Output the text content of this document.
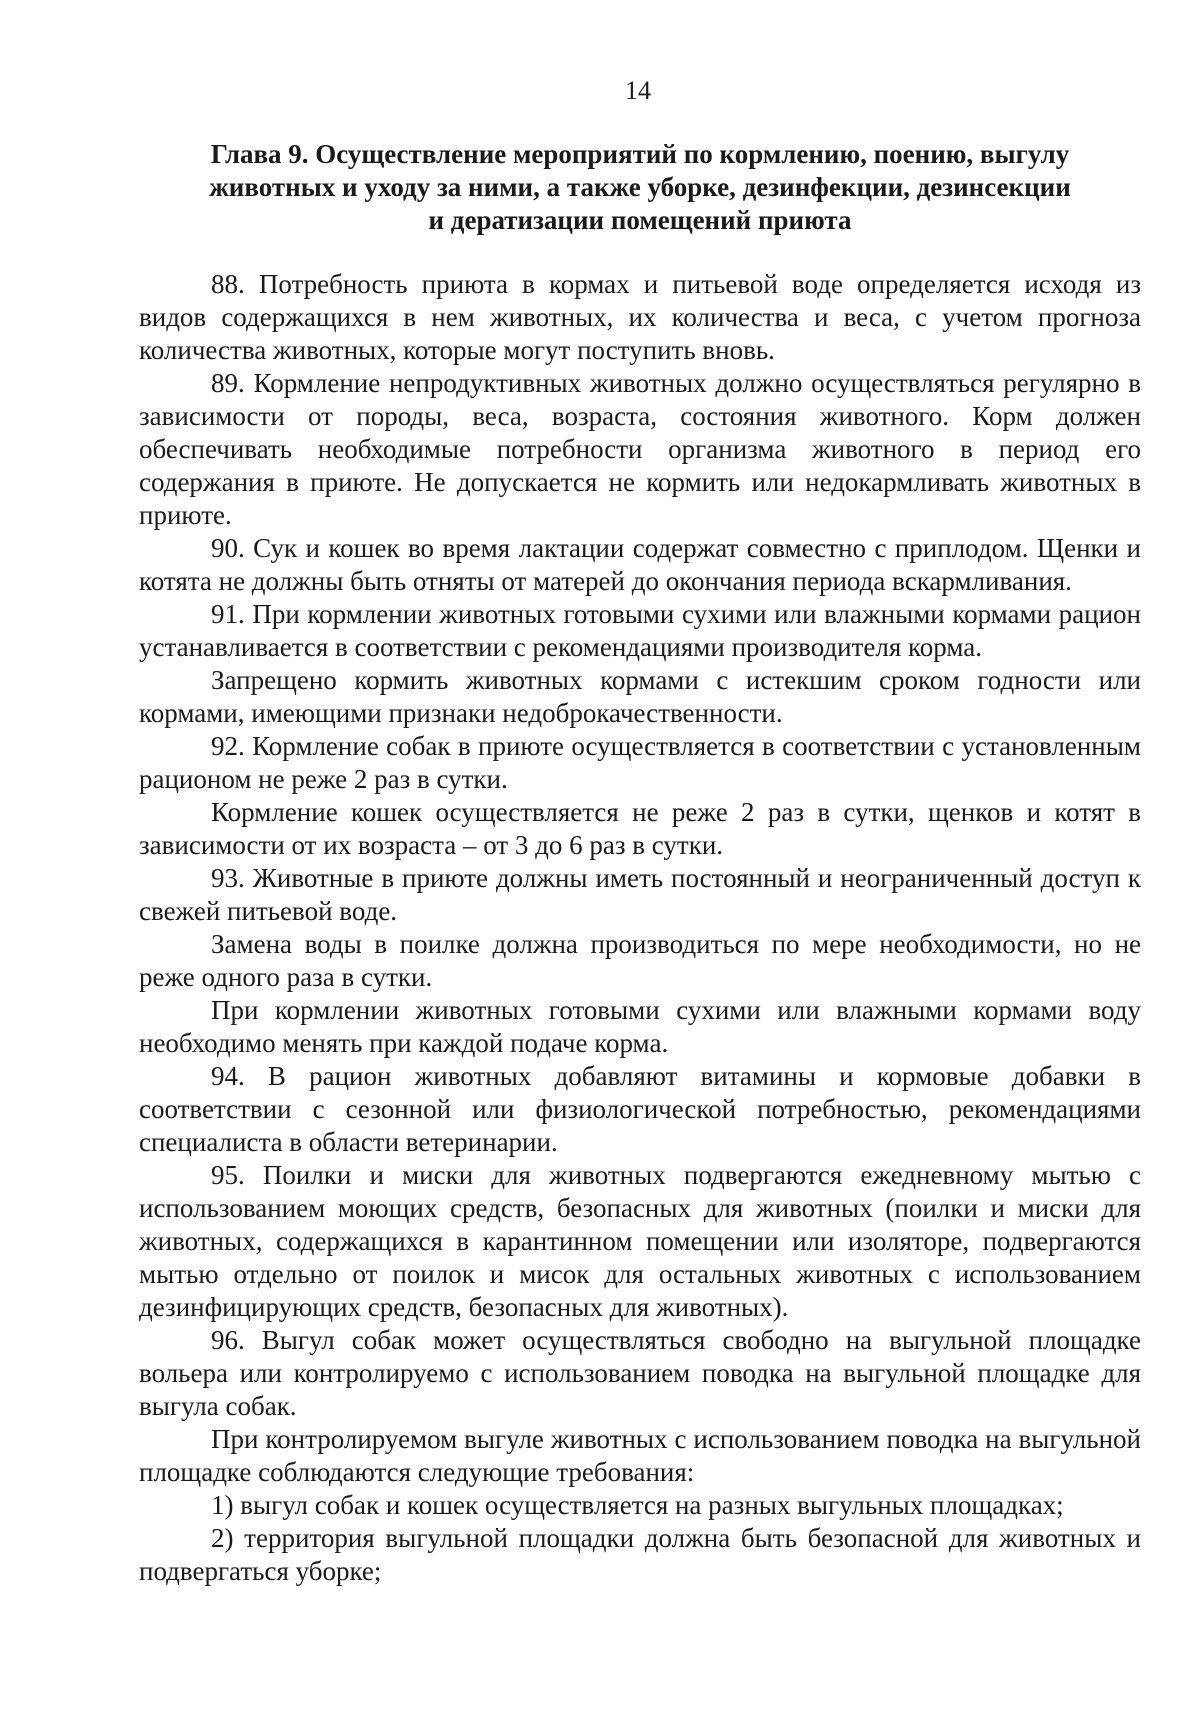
14
Глава 9. Осуществление мероприятий по кормлению, поению, выгулу
животных и уходу за ними, а также уборке, дезинфекции, дезинсекции
и дератизации помещений приюта

88. Потребность приюта в кормах и питьевой воде определяется исходя из видов содержащихся в нем животных, их количества и веса, с учетом прогноза количества животных, которые могут поступить вновь.

89. Кормление непродуктивных животных должно осуществляться регулярно в зависимости от породы, веса, возраста, состояния животного. Корм должен обеспечивать необходимые потребности организма животного в период его содержания в приюте. Не допускается не кормить или недокармливать животных в приюте.

90. Сук и кошек во время лактации содержат совместно с приплодом. Щенки и котята не должны быть отняты от матерей до окончания периода вскармливания.

91. При кормлении животных готовыми сухими или влажными кормами рацион устанавливается в соответствии с рекомендациями производителя корма.

Запрещено кормить животных кормами с истекшим сроком годности или кормами, имеющими признаки недоброкачественности.

92. Кормление собак в приюте осуществляется в соответствии с установленным рационом не реже 2 раз в сутки.

Кормление кошек осуществляется не реже 2 раз в сутки, щенков и котят в зависимости от их возраста – от 3 до 6 раз в сутки.

93. Животные в приюте должны иметь постоянный и неограниченный доступ к свежей питьевой воде.

Замена воды в поилке должна производиться по мере необходимости, но не реже одного раза в сутки.

При кормлении животных готовыми сухими или влажными кормами воду необходимо менять при каждой подаче корма.

94. В рацион животных добавляют витамины и кормовые добавки в соответствии с сезонной или физиологической потребностью, рекомендациями специалиста в области ветеринарии.

95. Поилки и миски для животных подвергаются ежедневному мытью с использованием моющих средств, безопасных для животных (поилки и миски для животных, содержащихся в карантинном помещении или изоляторе, подвергаются мытью отдельно от поилок и мисок для остальных животных с использованием дезинфицирующих средств, безопасных для животных).

96. Выгул собак может осуществляться свободно на выгульной площадке вольера или контролируемо с использованием поводка на выгульной площадке для выгула собак.

При контролируемом выгуле животных с использованием поводка на выгульной площадке соблюдаются следующие требования:

1) выгул собак и кошек осуществляется на разных выгульных площадках;

2) территория выгульной площадки должна быть безопасной для животных и подвергаться уборке;
